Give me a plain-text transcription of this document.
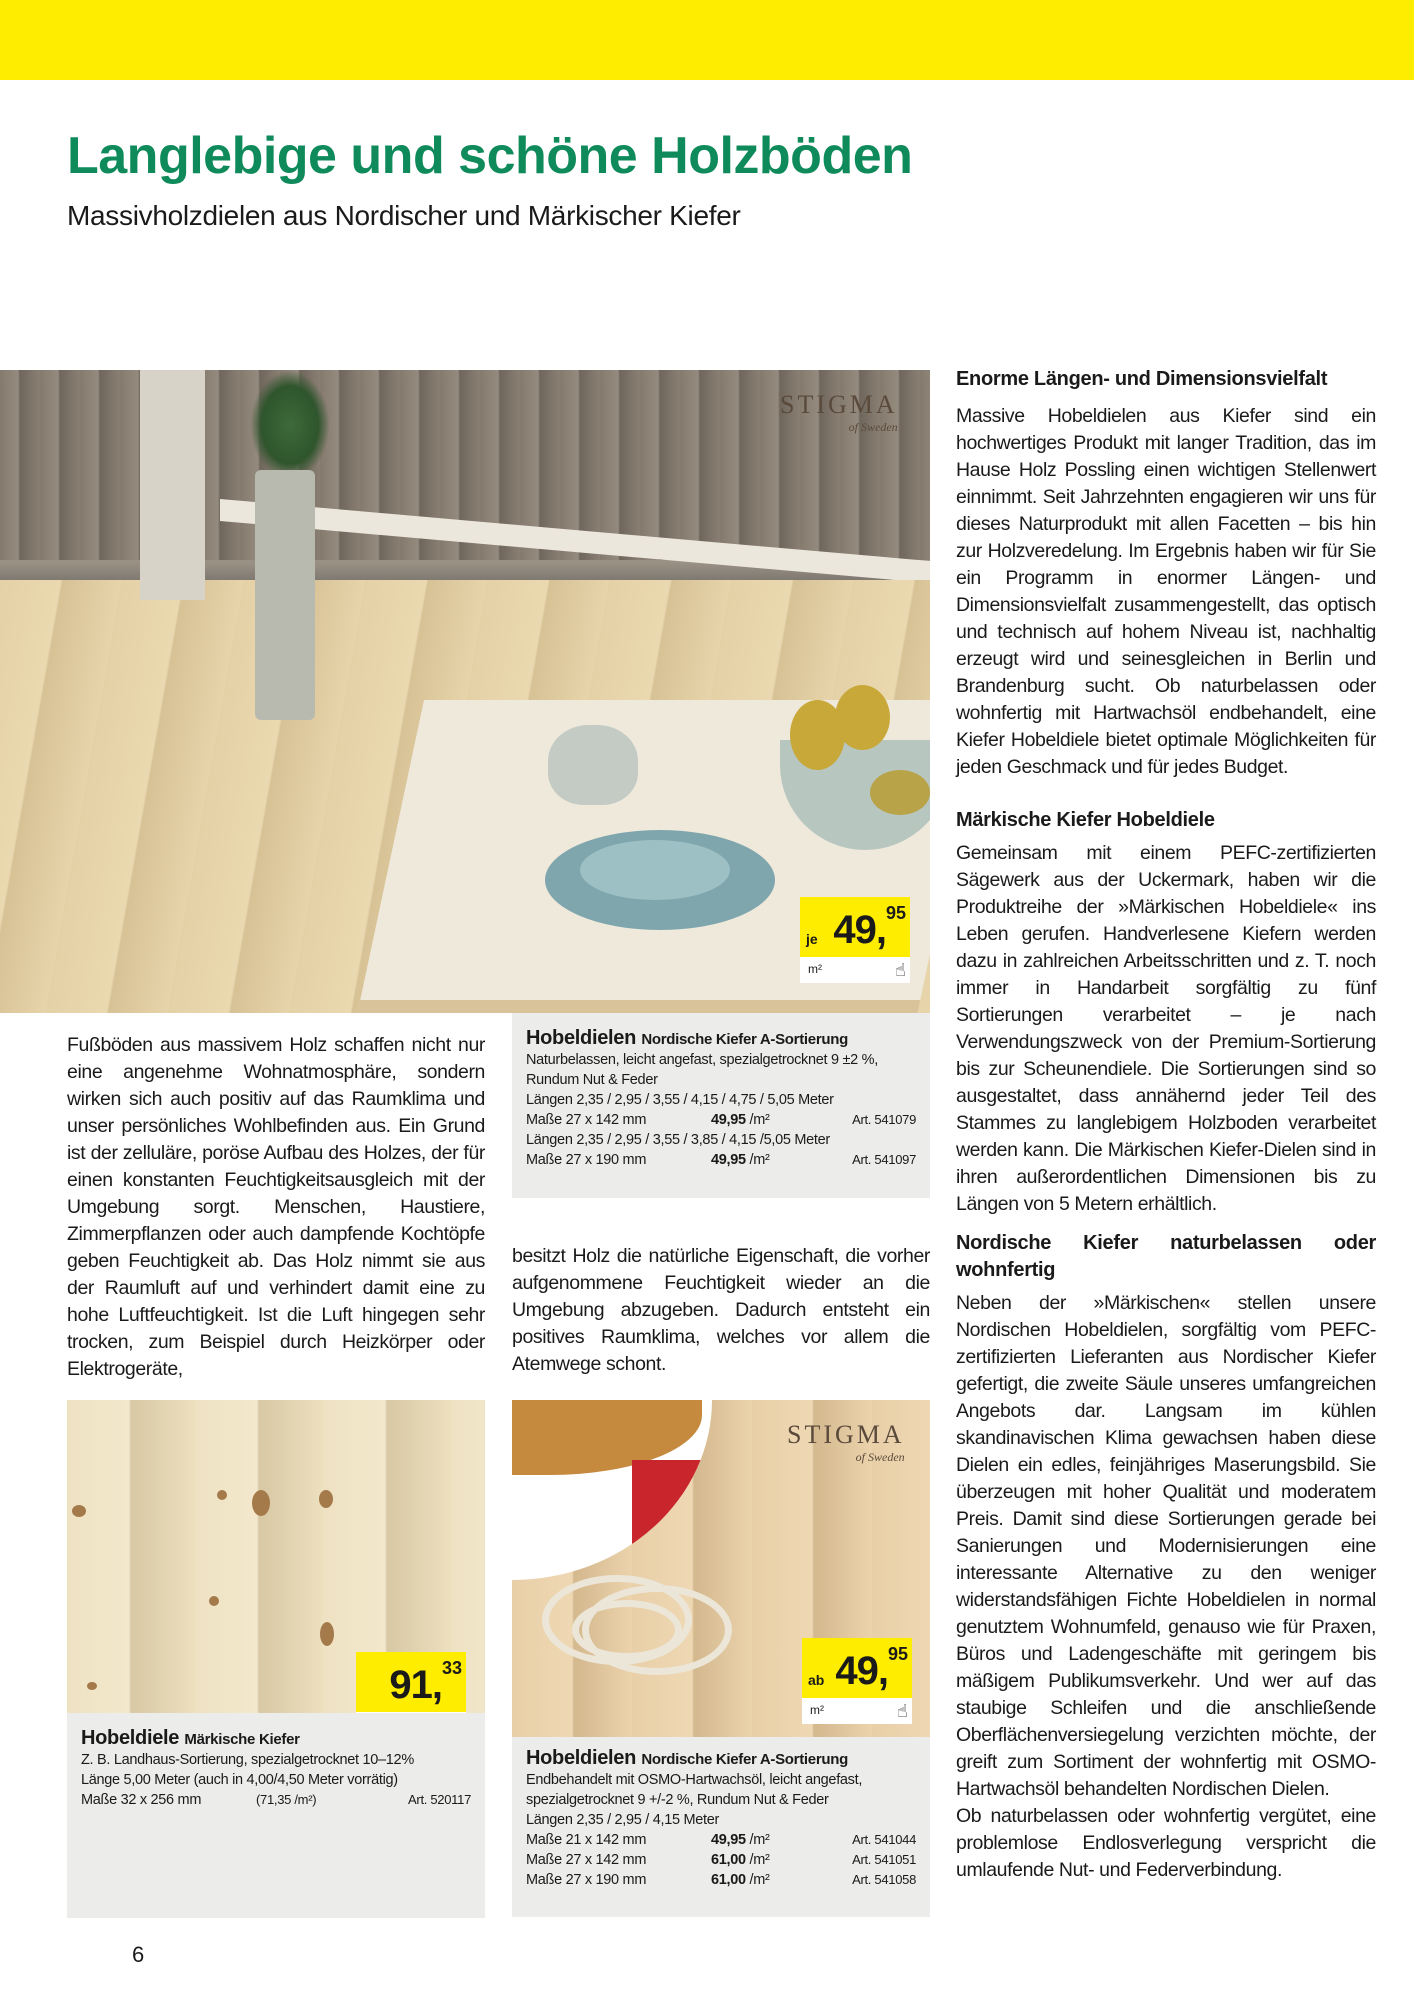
Langlebige und schöne Holzböden
Massivholzdielen aus Nordischer und Märkischer Kiefer
STIGMA
of Sweden
je 49, 95
m²	☝
Hobeldielen Nordische Kiefer A-Sortierung
Naturbelassen, leicht angefast, spezialgetrocknet 9 ±2 %,
Rundum Nut & Feder
Längen 2,35 / 2,95 / 3,55 / 4,15 / 4,75 / 5,05 Meter
Maße 27 x 142 mm	49,95 /m²	Art. 541079
Längen 2,35 / 2,95 / 3,55 / 3,85 / 4,15 /5,05 Meter
Maße 27 x 190 mm	49,95 /m²	Art. 541097

Fußböden aus massivem Holz schaffen nicht nur eine angenehme Wohnatmosphäre, sondern wirken sich auch positiv auf das Raumklima und unser persönliches Wohlbefinden aus. Ein Grund ist der zelluläre, poröse Aufbau des Holzes, der für einen konstanten Feuchtigkeitsausgleich mit der Umgebung sorgt. Menschen, Haustiere, Zimmerpflanzen oder auch dampfende Kochtöpfe geben Feuchtigkeit ab. Das Holz nimmt sie aus der Raumluft auf und verhindert damit eine zu hohe Luftfeuchtigkeit. Ist die Luft hingegen sehr trocken, zum Beispiel durch Heizkörper oder Elektrogeräte,

besitzt Holz die natürliche Eigenschaft, die vorher aufgenommene Feuchtigkeit wieder an die Umgebung abzugeben. Dadurch entsteht ein positives Raumklima, welches vor allem die Atemwege schont.

Enorme Längen- und Dimensionsvielfalt

Massive Hobeldielen aus Kiefer sind ein hochwertiges Produkt mit langer Tradition, das im Hause Holz Possling einen wichtigen Stellenwert einnimmt. Seit Jahrzehnten engagieren wir uns für dieses Naturprodukt mit allen Facetten – bis hin zur Holzveredelung. Im Ergebnis haben wir für Sie ein Programm in enormer Längen- und Dimensionsvielfalt zusammengestellt, das optisch und technisch auf hohem Niveau ist, nachhaltig erzeugt wird und seinesgleichen in Berlin und Brandenburg sucht. Ob naturbelassen oder wohnfertig mit Hartwachsöl endbehandelt, eine Kiefer Hobeldiele bietet optimale Möglichkeiten für jeden Geschmack und für jedes Budget.

Märkische Kiefer Hobeldiele

Gemeinsam mit einem PEFC-zertifizierten Sägewerk aus der Uckermark, haben wir die Produktreihe der »Märkischen Hobeldiele« ins Leben gerufen. Handverlesene Kiefern werden dazu in zahlreichen Arbeitsschritten und z. T. noch immer in Handarbeit sorgfältig zu fünf Sortierungen verarbeitet – je nach Verwendungszweck von der Premium-Sortierung bis zur Scheunendiele. Die Sortierungen sind so ausgestaltet, dass annähernd jeder Teil des Stammes zu langlebigem Holzboden verarbeitet werden kann. Die Märkischen Kiefer-Dielen sind in ihren außerordentlichen Dimensionen bis zu Längen von 5 Metern erhältlich.

Nordische Kiefer naturbelassen oder wohnfertig

Neben der »Märkischen« stellen unsere Nordischen Hobeldielen, sorgfältig vom PEFC-zertifizierten Lieferanten aus Nordischer Kiefer gefertigt, die zweite Säule unseres umfangreichen Angebots dar. Langsam im kühlen skandinavischen Klima gewachsen haben diese Dielen ein edles, feinjähriges Maserungsbild. Sie überzeugen mit hoher Qualität und moderatem Preis. Damit sind diese Sortierungen gerade bei Sanierungen und Modernisierungen eine interessante Alternative zu den weniger widerstandsfähigen Fichte Hobeldielen in normal genutztem Wohnumfeld, genauso wie für Praxen, Büros und Ladengeschäfte mit geringem bis mäßigem Publikumsverkehr. Und wer auf das staubige Schleifen und die anschließende Oberflächenversiegelung verzichten möchte, der greift zum Sortiment der wohnfertig mit OSMO-Hartwachsöl behandelten Nordischen Dielen.

Ob naturbelassen oder wohnfertig vergütet, eine problemlose Endlosverlegung verspricht die umlaufende Nut- und Federverbindung.

91, 33
Hobeldiele Märkische Kiefer
Z. B. Landhaus-Sortierung, spezialgetrocknet 10–12%
Länge 5,00 Meter (auch in 4,00/4,50 Meter vorrätig)
Maße 32 x 256 mm	(71,35 /m²)	Art. 520117
STIGMA
of Sweden
ab 49, 95
m²	☝
Hobeldielen Nordische Kiefer A-Sortierung
Endbehandelt mit OSMO-Hartwachsöl, leicht angefast,
spezialgetrocknet 9 +/-2 %, Rundum Nut & Feder
Längen 2,35 / 2,95 / 4,15 Meter
Maße 21 x 142 mm	49,95 /m²	Art. 541044
Maße 27 x 142 mm	61,00 /m²	Art. 541051
Maße 27 x 190 mm	61,00 /m²	Art. 541058
6
